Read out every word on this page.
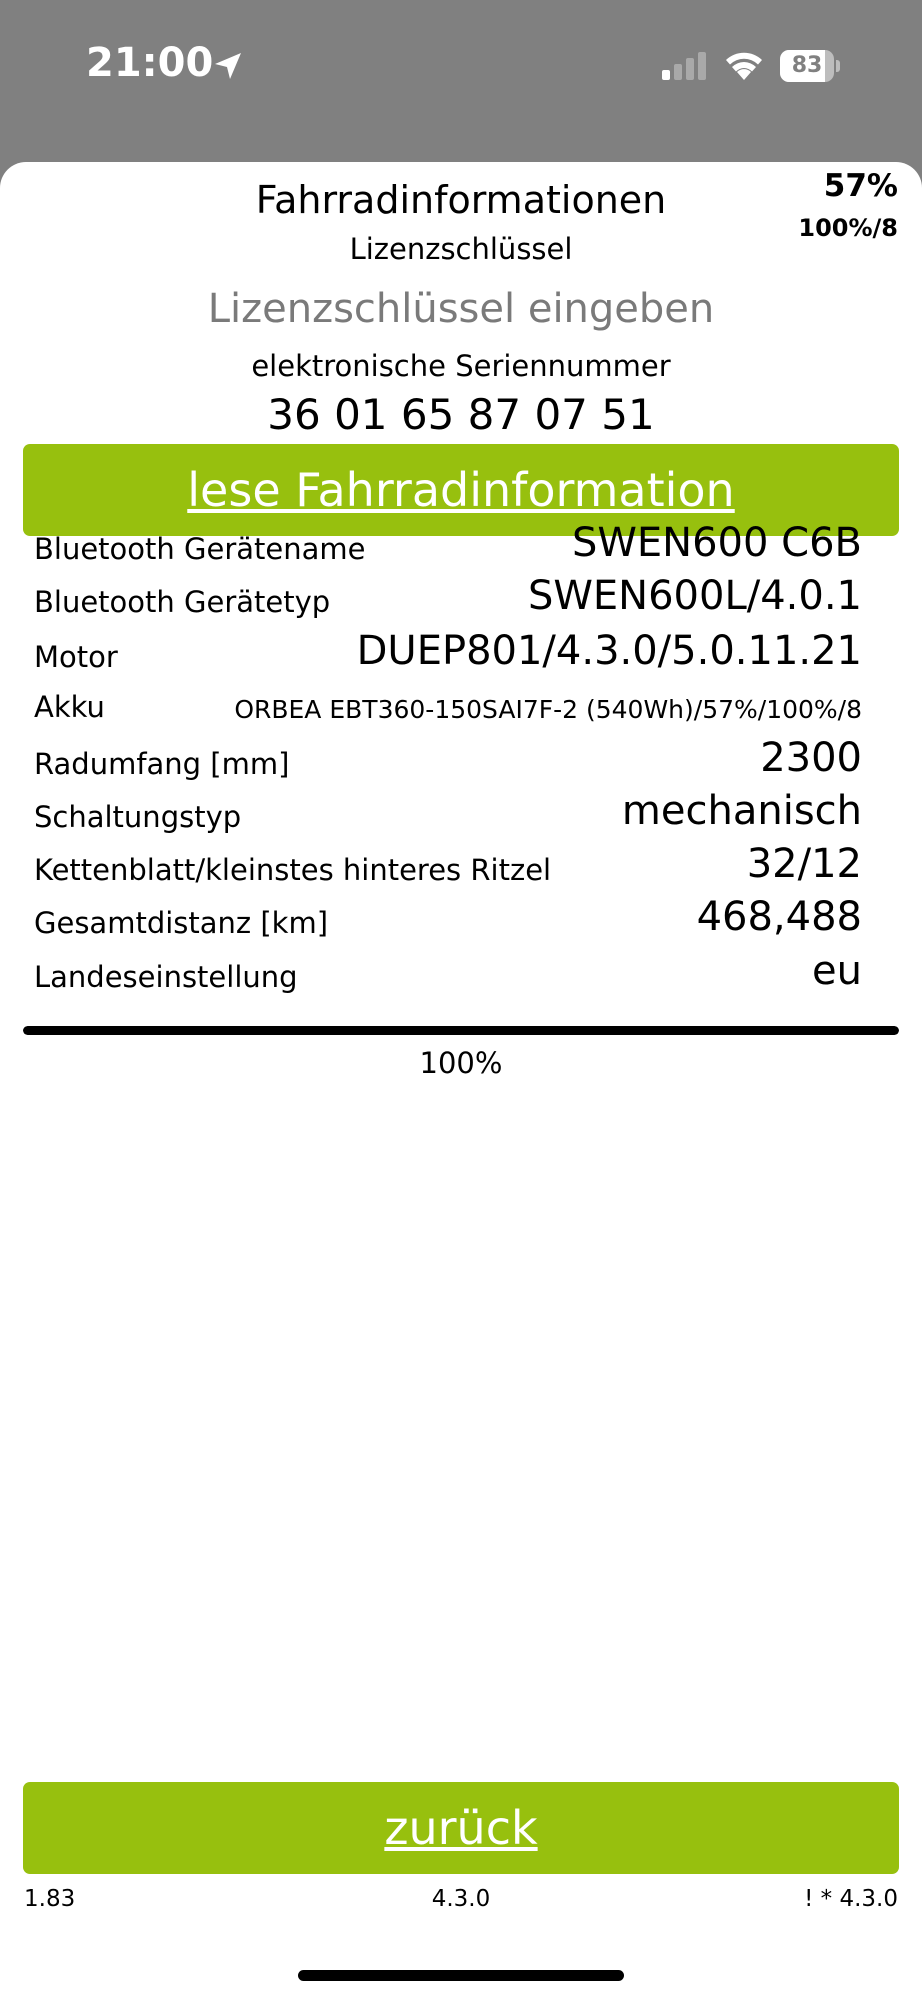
21:00	83
Fahrradinformationen
Lizenzschlüssel
57%
100%/8
Lizenzschlüssel eingeben
elektronische Seriennummer
36 01 65 87 07 51
lese Fahrradinformation
Bluetooth Gerätename	SWEN600 C6B
Bluetooth Gerätetyp	SWEN600L/4.0.1
Motor	DUEP801/4.3.0/5.0.11.21
Akku	ORBEA EBT360-150SAI7F-2 (540Wh)/57%/100%/8
Radumfang [mm]	2300
Schaltungstyp	mechanisch
Kettenblatt/kleinstes hinteres Ritzel	32/12
Gesamtdistanz [km]	468,488
Landeseinstellung	eu
100%
zurück
1.83	4.3.0	! * 4.3.0
